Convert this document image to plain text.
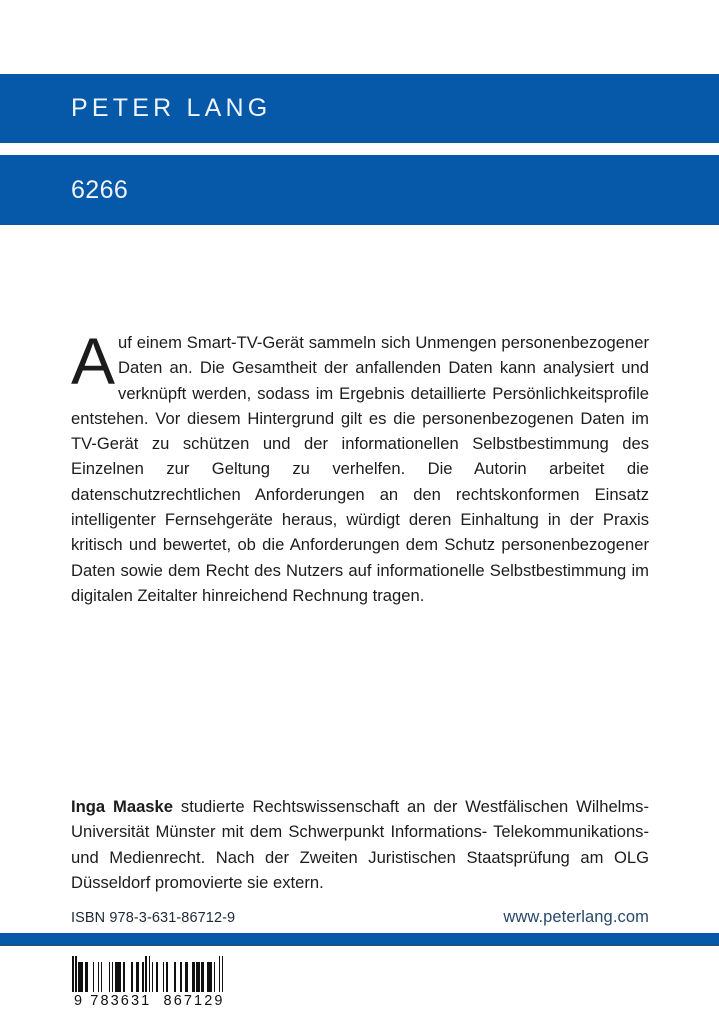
PETER LANG
6266
Auf einem Smart-TV-Gerät sammeln sich Unmengen personenbezogener Daten an. Die Gesamtheit der anfallenden Daten kann analysiert und verknüpft werden, sodass im Ergebnis detaillierte Persönlichkeitsprofile entstehen. Vor diesem Hintergrund gilt es die personenbezogenen Daten im TV-Gerät zu schützen und der informationellen Selbstbestimmung des Einzelnen zur Geltung zu verhelfen. Die Autorin arbeitet die datenschutzrechtlichen Anforderungen an den rechtskonformen Einsatz intelligenter Fernsehgeräte heraus, würdigt deren Einhaltung in der Praxis kritisch und bewertet, ob die Anforderungen dem Schutz personenbezogener Daten sowie dem Recht des Nutzers auf informationelle Selbstbestimmung im digitalen Zeitalter hinreichend Rechnung tragen.
Inga Maaske studierte Rechtswissenschaft an der Westfälischen Wilhelms-Universität Münster mit dem Schwerpunkt Informations- Telekommunikations- und Medienrecht. Nach der Zweiten Juristischen Staatsprüfung am OLG Düsseldorf promovierte sie extern.
ISBN 978-3-631-86712-9	www.peterlang.com
9 783631  867129
